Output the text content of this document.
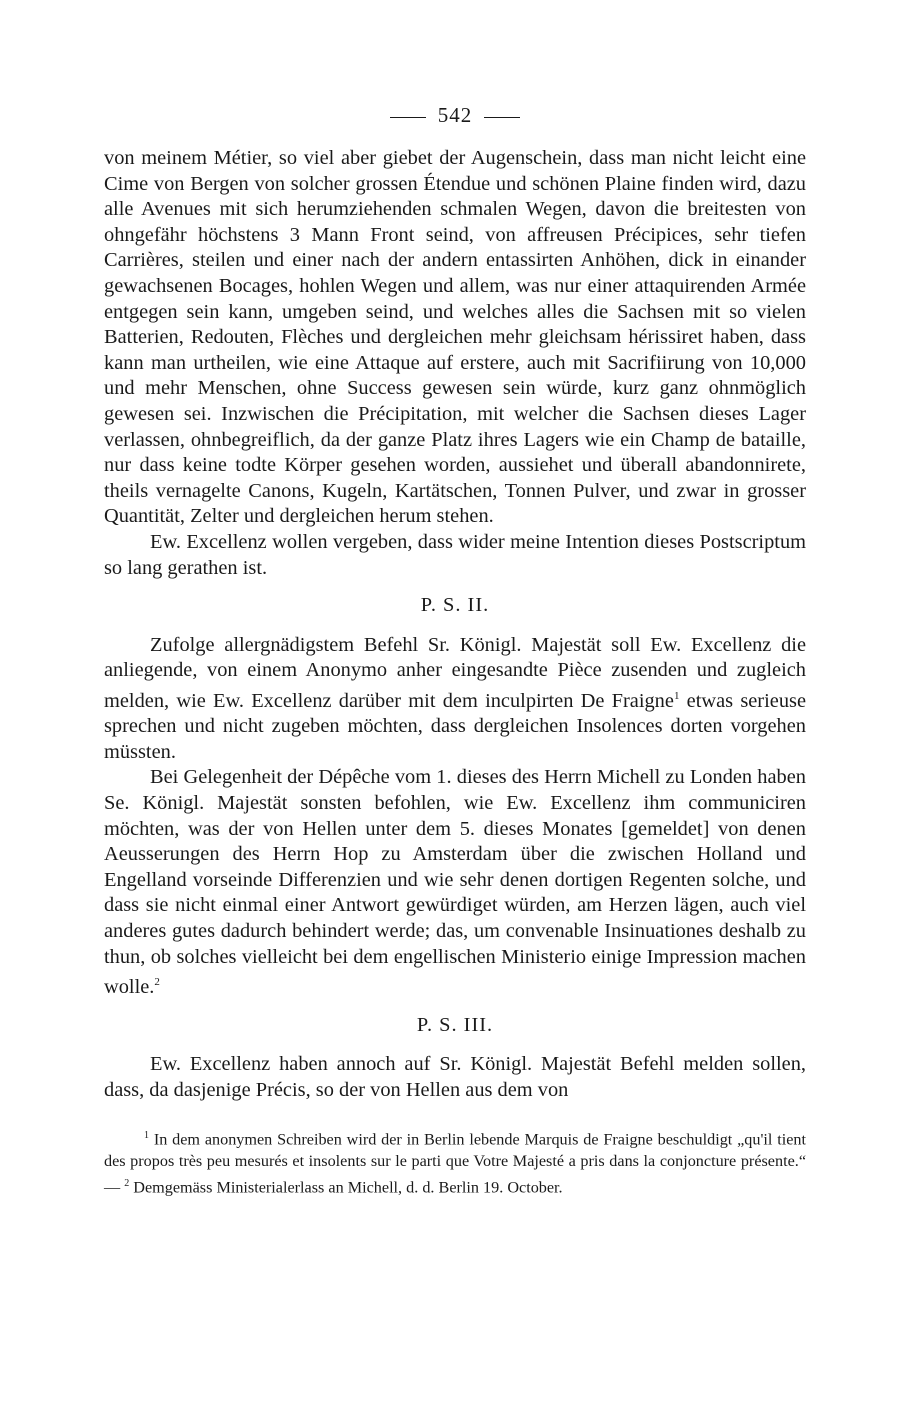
542

von meinem Métier, so viel aber giebet der Augenschein, dass man nicht leicht eine Cime von Bergen von solcher grossen Étendue und schönen Plaine finden wird, dazu alle Avenues mit sich herumziehenden schmalen Wegen, davon die breitesten von ohngefähr höchstens 3 Mann Front seind, von affreusen Précipices, sehr tiefen Carrières, steilen und einer nach der andern entassirten Anhöhen, dick in einander gewachsenen Bocages, hohlen Wegen und allem, was nur einer attaquirenden Armée entgegen sein kann, umgeben seind, und welches alles die Sachsen mit so vielen Batterien, Redouten, Flèches und dergleichen mehr gleichsam hérissiret haben, dass kann man urtheilen, wie eine Attaque auf erstere, auch mit Sacrifiirung von 10,000 und mehr Menschen, ohne Success gewesen sein würde, kurz ganz ohnmöglich gewesen sei. Inzwischen die Précipitation, mit welcher die Sachsen dieses Lager verlassen, ohnbegreiflich, da der ganze Platz ihres Lagers wie ein Champ de bataille, nur dass keine todte Körper gesehen worden, aussiehet und überall abandonnirete, theils vernagelte Canons, Kugeln, Kartätschen, Tonnen Pulver, und zwar in grosser Quantität, Zelter und dergleichen herum stehen.

Ew. Excellenz wollen vergeben, dass wider meine Intention dieses Postscriptum so lang gerathen ist.

P. S. II.

Zufolge allergnädigstem Befehl Sr. Königl. Majestät soll Ew. Excellenz die anliegende, von einem Anonymo anher eingesandte Pièce zusenden und zugleich melden, wie Ew. Excellenz darüber mit dem inculpirten De Fraigne$^1$ etwas serieuse sprechen und nicht zugeben möchten, dass dergleichen Insolences dorten vorgehen müssten.

Bei Gelegenheit der Dépêche vom 1. dieses des Herrn Michell zu Londen haben Se. Königl. Majestät sonsten befohlen, wie Ew. Excellenz ihm communiciren möchten, was der von Hellen unter dem 5. dieses Monates [gemeldet] von denen Aeusserungen des Herrn Hop zu Amsterdam über die zwischen Holland und Engelland vorseinde Differenzien und wie sehr denen dortigen Regenten solche, und dass sie nicht einmal einer Antwort gewürdiget würden, am Herzen lägen, auch viel anderes gutes dadurch behindert werde; das, um convenable Insinuationes deshalb zu thun, ob solches vielleicht bei dem engellischen Ministerio einige Impression machen wolle.$^2$

P. S. III.

Ew. Excellenz haben annoch auf Sr. Königl. Majestät Befehl melden sollen, dass, da dasjenige Précis, so der von Hellen aus dem von

$^1$ In dem anonymen Schreiben wird der in Berlin lebende Marquis de Fraigne beschuldigt „qu'il tient des propos très peu mesurés et insolents sur le parti que Votre Majesté a pris dans la conjoncture présente.“ — $^2$ Demgemäss Ministerialerlass an Michell, d. d. Berlin 19. October.
